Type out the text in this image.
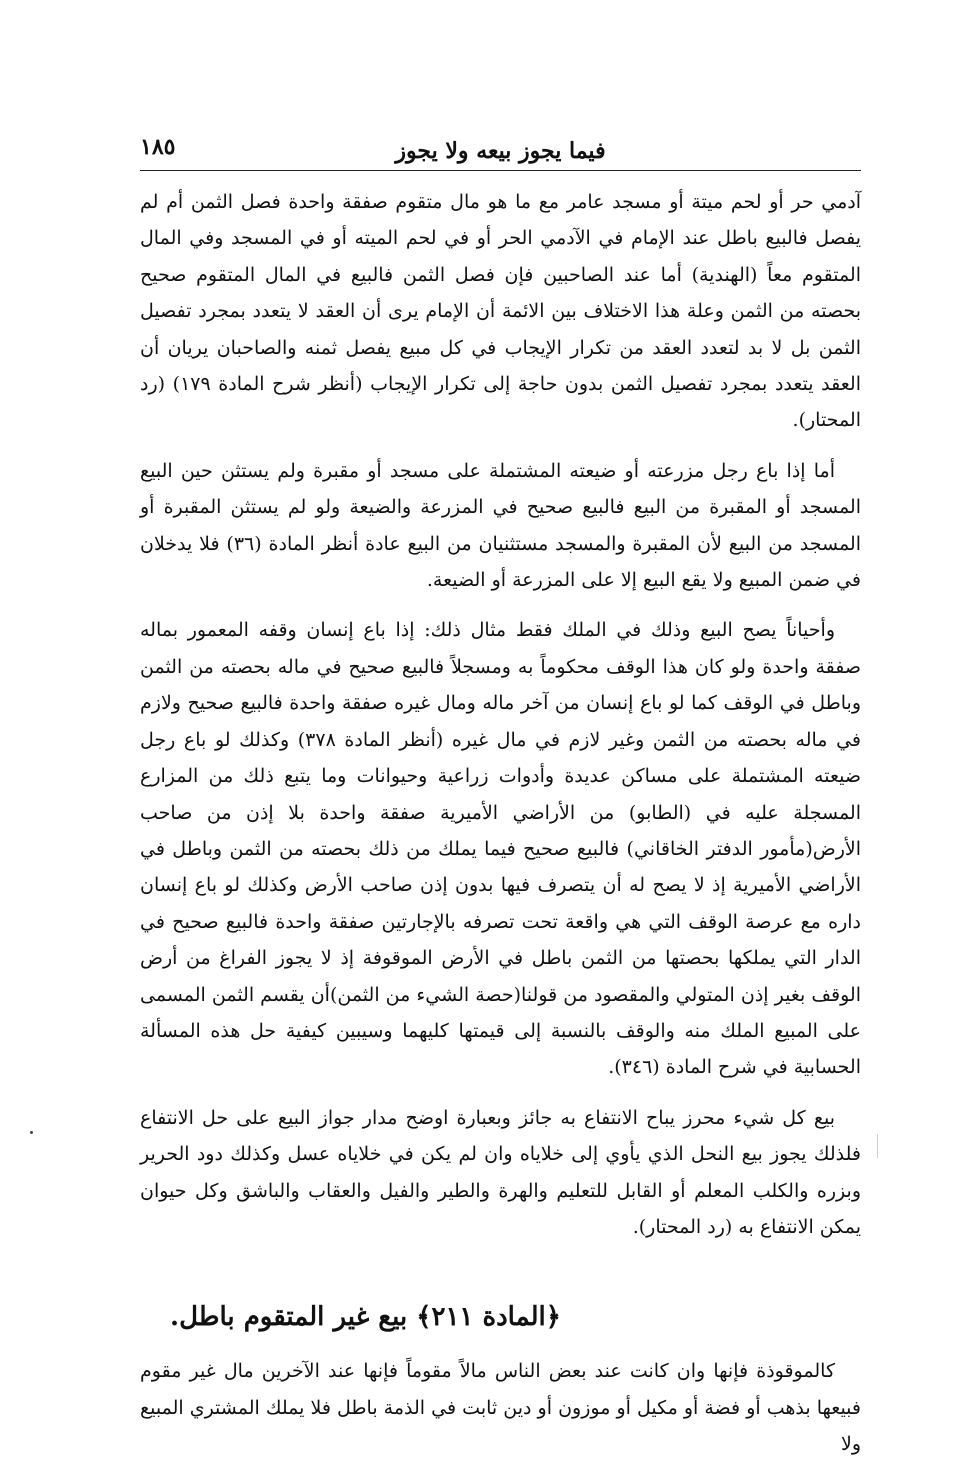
فيما يجوز بيعه ولا يجوز
١٨٥

آدمي حر أو لحم ميتة أو مسجد عامر مع ما هو مال متقوم صفقة واحدة فصل الثمن أم لم يفصل فالبيع باطل عند الإمام في الآدمي الحر أو في لحم الميته أو في المسجد وفي المال المتقوم معاً (الهندية) أما عند الصاحبين فإن فصل الثمن فالبيع في المال المتقوم صحيح بحصته من الثمن وعلة هذا الاختلاف بين الائمة أن الإمام يرى أن العقد لا يتعدد بمجرد تفصيل الثمن بل لا بد لتعدد العقد من تكرار الإيجاب في كل مبيع يفصل ثمنه والصاحبان يريان أن العقد يتعدد بمجرد تفصيل الثمن بدون حاجة إلى تكرار الإيجاب (أنظر شرح المادة ١٧٩) (رد المحتار).

أما إذا باع رجل مزرعته أو ضيعته المشتملة على مسجد أو مقبرة ولم يستثن حين البيع المسجد أو المقبرة من البيع فالبيع صحيح في المزرعة والضيعة ولو لم يستثن المقبرة أو المسجد من البيع لأن المقبرة والمسجد مستثنيان من البيع عادة أنظر المادة (٣٦) فلا يدخلان في ضمن المبيع ولا يقع البيع إلا على المزرعة أو الضيعة.

وأحياناً يصح البيع وذلك في الملك فقط مثال ذلك: إذا باع إنسان وقفه المعمور بماله صفقة واحدة ولو كان هذا الوقف محكوماً به ومسجلاً فالبيع صحيح في ماله بحصته من الثمن وباطل في الوقف كما لو باع إنسان من آخر ماله ومال غيره صفقة واحدة فالبيع صحيح ولازم في ماله بحصته من الثمن وغير لازم في مال غيره (أنظر المادة ٣٧٨) وكذلك لو باع رجل ضيعته المشتملة على مساكن عديدة وأدوات زراعية وحيوانات وما يتبع ذلك من المزارع المسجلة عليه في (الطابو) من الأراضي الأميرية صفقة واحدة بلا إذن من صاحب الأرض(مأمور الدفتر الخاقاني) فالبيع صحيح فيما يملك من ذلك بحصته من الثمن وباطل في الأراضي الأميرية إذ لا يصح له أن يتصرف فيها بدون إذن صاحب الأرض وكذلك لو باع إنسان داره مع عرصة الوقف التي هي واقعة تحت تصرفه بالإجارتين صفقة واحدة فالبيع صحيح في الدار التي يملكها بحصتها من الثمن باطل في الأرض الموقوفة إذ لا يجوز الفراغ من أرض الوقف بغير إذن المتولي والمقصود من قولنا(حصة الشيء من الثمن)أن يقسم الثمن المسمى على المبيع الملك منه والوقف بالنسبة إلى قيمتها كليهما وسيبين كيفية حل هذه المسألة الحسابية في شرح المادة (٣٤٦).

بيع كل شيء محرز يباح الانتفاع به جائز وبعبارة اوضح مدار جواز البيع على حل الانتفاع فلذلك يجوز بيع النحل الذي يأوي إلى خلاياه وان لم يكن في خلاياه عسل وكذلك دود الحرير وبزره والكلب المعلم أو القابل للتعليم والهرة والطير والفيل والعقاب والباشق وكل حيوان يمكن الانتفاع به (رد المحتار).

﴿المادة ٢١١﴾ بيع غير المتقوم باطل.

كالموقوذة فإنها وان كانت عند بعض الناس مالاً مقوماً فإنها عند الآخرين مال غير مقوم فبيعها بذهب أو فضة أو مكيل أو موزون أو دين ثابت في الذمة باطل فلا يملك المشتري المبيع ولا
